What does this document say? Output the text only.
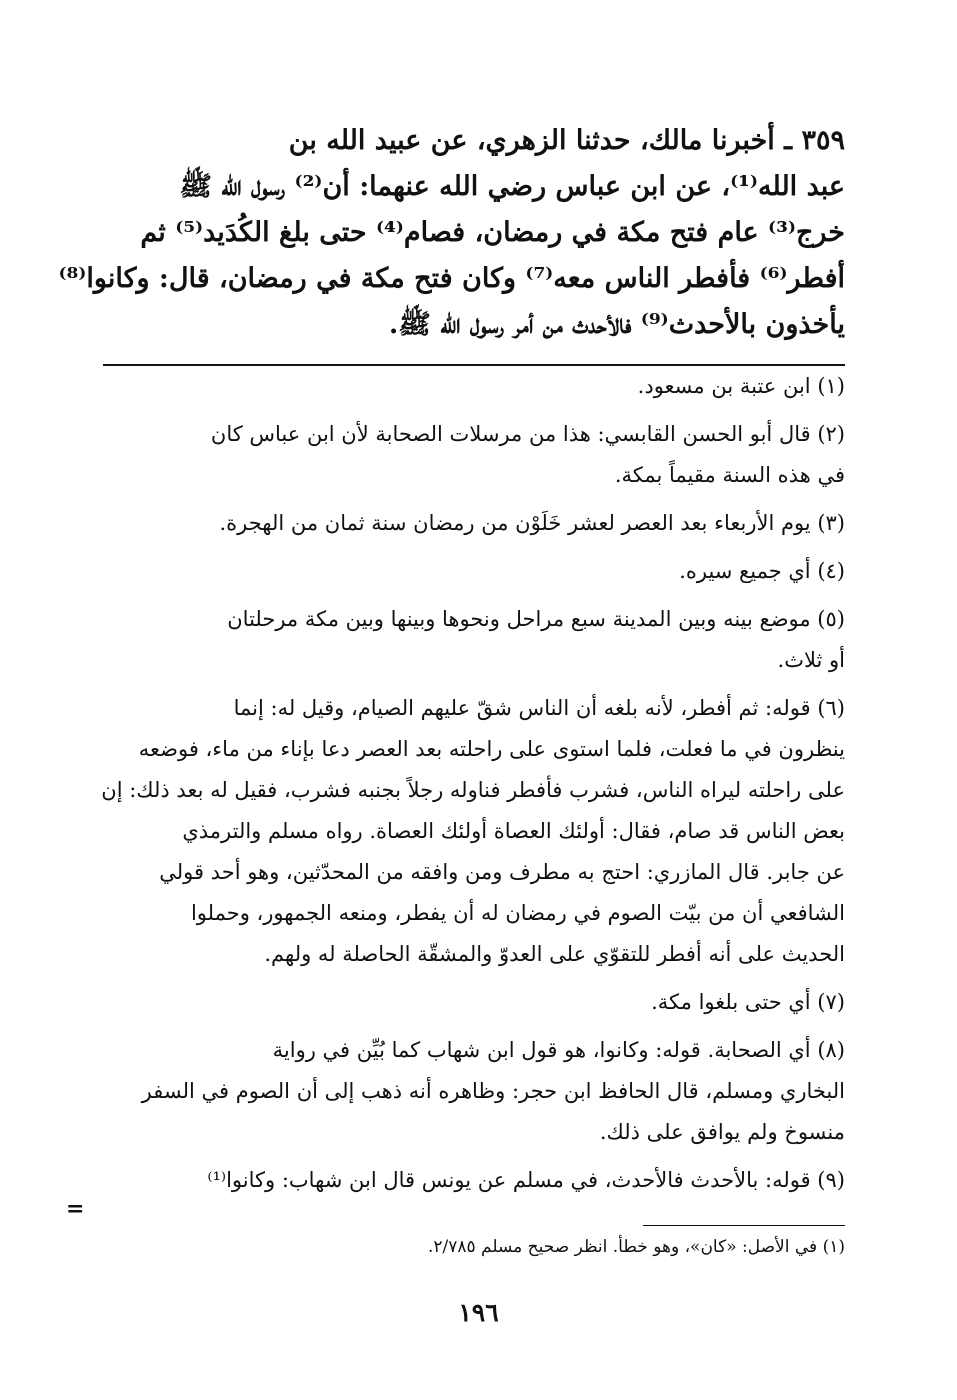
٣٥٩ ـ أخبرنا مالك، حدثنا الزهري، عن عبيد الله بن
عبد الله⁽¹⁾، عن ابن عباس رضي الله عنهما: أن⁽²⁾ رسول الله ﷺ
خرج⁽³⁾ عام فتح مكة في رمضان، فصام⁽⁴⁾ حتى بلغ الكُدَيد⁽⁵⁾ ثم
أفطر⁽⁶⁾ فأفطر الناس معه⁽⁷⁾ وكان فتح مكة في رمضان، قال: وكانوا⁽⁸⁾
يأخذون بالأحدث⁽⁹⁾ فالأحدث من أمر رسول الله ﷺ.
(١) ابن عتبة بن مسعود.
(٢) قال أبو الحسن القابسي: هذا من مرسلات الصحابة لأن ابن عباس كان
في هذه السنة مقيماً بمكة.
(٣) يوم الأربعاء بعد العصر لعشر خَلَوْن من رمضان سنة ثمان من الهجرة.
(٤) أي جميع سيره.
(٥) موضع بينه وبين المدينة سبع مراحل ونحوها وبينها وبين مكة مرحلتان
أو ثلاث.
(٦) قوله: ثم أفطر، لأنه بلغه أن الناس شقّ عليهم الصيام، وقيل له: إنما
ينظرون في ما فعلت، فلما استوى على راحلته بعد العصر دعا بإناء من ماء، فوضعه
على راحلته ليراه الناس، فشرب فأفطر فناوله رجلاً بجنبه فشرب، فقيل له بعد ذلك: إن
بعض الناس قد صام، فقال: أولئك العصاة أولئك العصاة. رواه مسلم والترمذي
عن جابر. قال المازري: احتج به مطرف ومن وافقه من المحدّثين، وهو أحد قولي
الشافعي أن من بيّت الصوم في رمضان له أن يفطر، ومنعه الجمهور، وحملوا
الحديث على أنه أفطر للتقوّي على العدوّ والمشقّة الحاصلة له ولهم.
(٧) أي حتى بلغوا مكة.
(٨) أي الصحابة. قوله: وكانوا، هو قول ابن شهاب كما بُيِّن في رواية
البخاري ومسلم، قال الحافظ ابن حجر: وظاهره أنه ذهب إلى أن الصوم في السفر
منسوخ ولم يوافق على ذلك.
(٩) قوله: بالأحدث فالأحدث، في مسلم عن يونس قال ابن شهاب: وكانوا⁽¹⁾
=
(١) في الأصل: «كان»، وهو خطأ. انظر صحيح مسلم ٢/٧٨٥.
١٩٦
